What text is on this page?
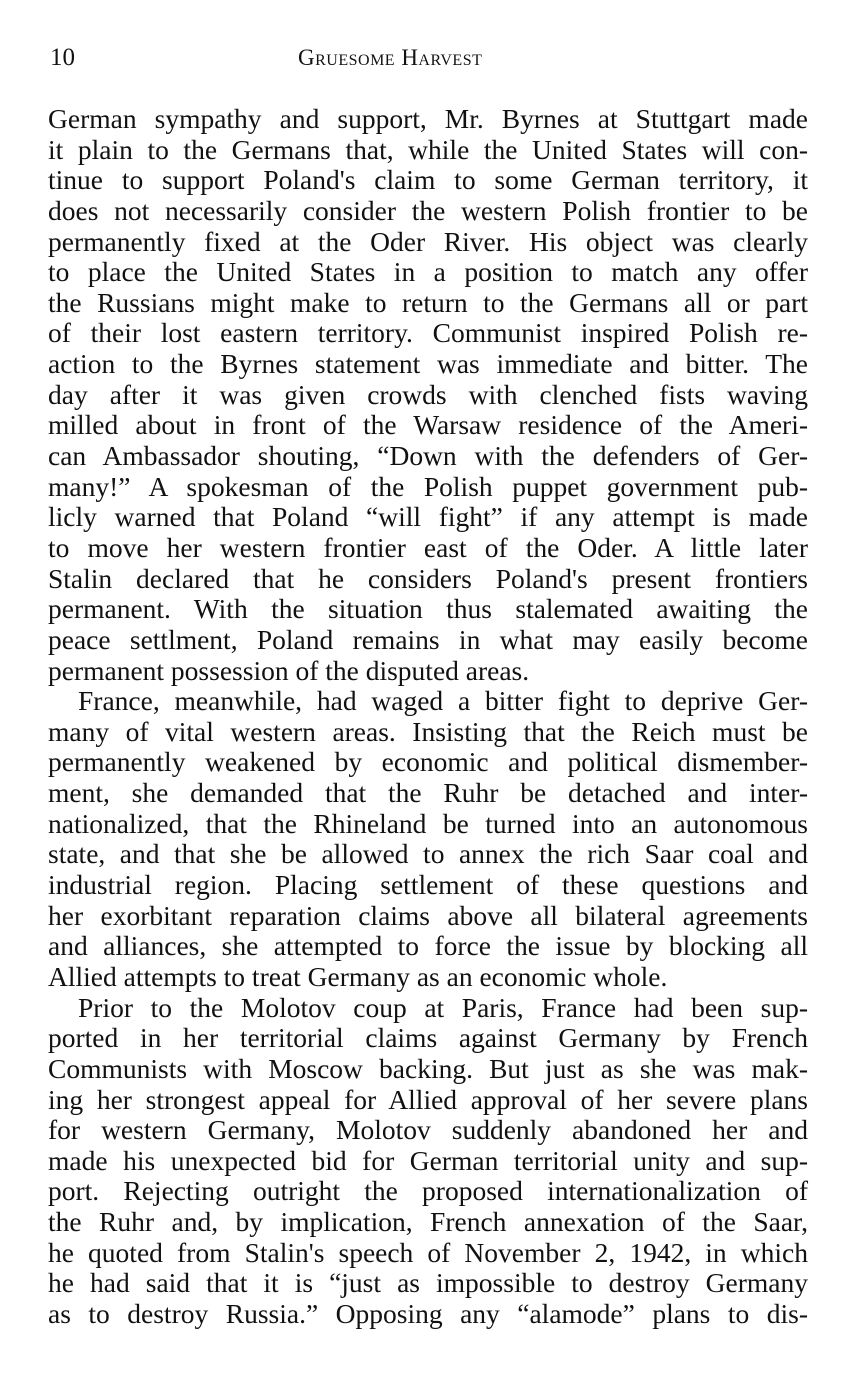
10	Gruesome Harvest
German sympathy and support, Mr. Byrnes at Stuttgart made
it plain to the Germans that, while the United States will con-
tinue to support Poland's claim to some German territory, it
does not necessarily consider the western Polish frontier to be
permanently fixed at the Oder River. His object was clearly
to place the United States in a position to match any offer
the Russians might make to return to the Germans all or part
of their lost eastern territory. Communist inspired Polish re-
action to the Byrnes statement was immediate and bitter. The
day after it was given crowds with clenched fists waving
milled about in front of the Warsaw residence of the Ameri-
can Ambassador shouting, “Down with the defenders of Ger-
many!” A spokesman of the Polish puppet government pub-
licly warned that Poland “will fight” if any attempt is made
to move her western frontier east of the Oder. A little later
Stalin declared that he considers Poland's present frontiers
permanent. With the situation thus stalemated awaiting the
peace settlment, Poland remains in what may easily become
permanent possession of the disputed areas.
France, meanwhile, had waged a bitter fight to deprive Ger-
many of vital western areas. Insisting that the Reich must be
permanently weakened by economic and political dismember-
ment, she demanded that the Ruhr be detached and inter-
nationalized, that the Rhineland be turned into an autonomous
state, and that she be allowed to annex the rich Saar coal and
industrial region. Placing settlement of these questions and
her exorbitant reparation claims above all bilateral agreements
and alliances, she attempted to force the issue by blocking all
Allied attempts to treat Germany as an economic whole.
Prior to the Molotov coup at Paris, France had been sup-
ported in her territorial claims against Germany by French
Communists with Moscow backing. But just as she was mak-
ing her strongest appeal for Allied approval of her severe plans
for western Germany, Molotov suddenly abandoned her and
made his unexpected bid for German territorial unity and sup-
port. Rejecting outright the proposed internationalization of
the Ruhr and, by implication, French annexation of the Saar,
he quoted from Stalin's speech of November 2, 1942, in which
he had said that it is “just as impossible to destroy Germany
as to destroy Russia.” Opposing any “alamode” plans to dis-
